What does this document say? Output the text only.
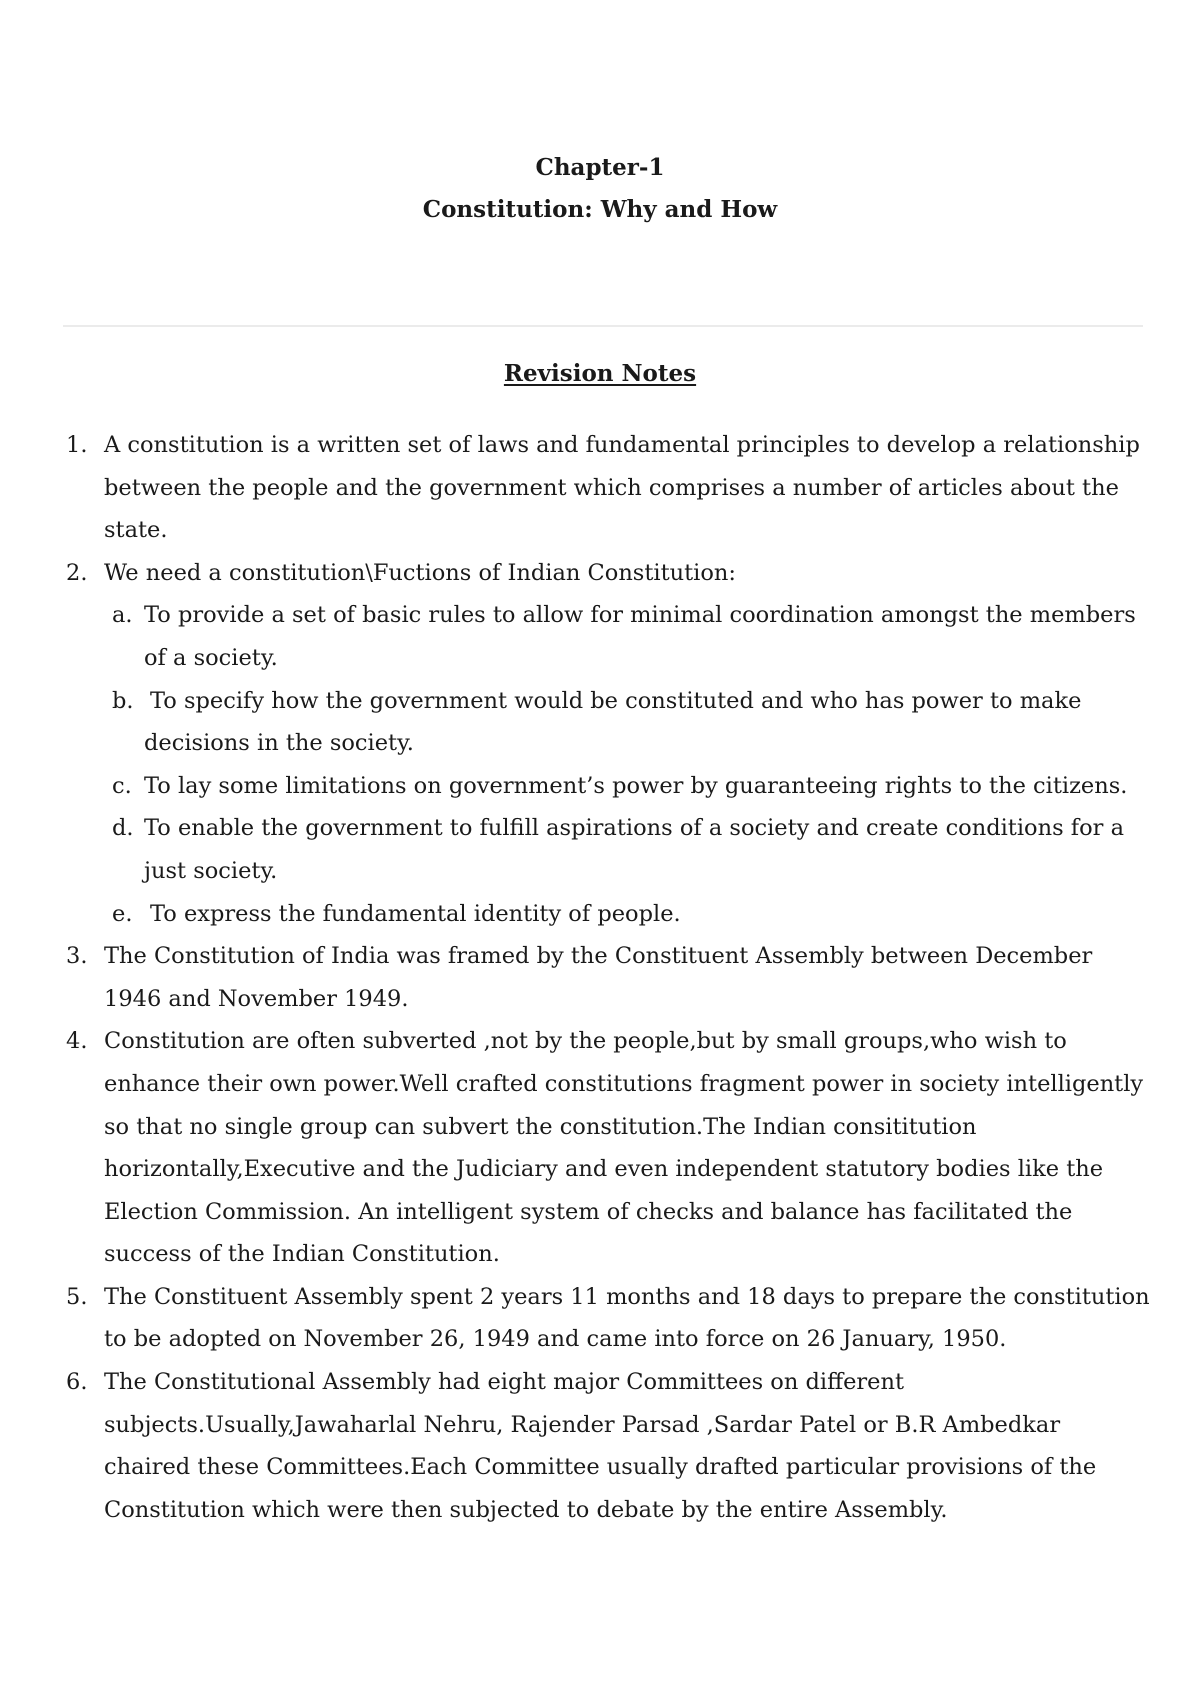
Chapter-1
Constitution: Why and How
Revision Notes
1. A constitution is a written set of laws and fundamental principles to develop a relationship between the people and the government which comprises a number of articles about the state.
2. We need a constitution\Fuctions of Indian Constitution:
a. To provide a set of basic rules to allow for minimal coordination amongst the members of a society.
b. To specify how the government would be constituted and who has power to make decisions in the society.
c. To lay some limitations on government’s power by guaranteeing rights to the citizens.
d. To enable the government to fulfill aspirations of a society and create conditions for a just society.
e. To express the fundamental identity of people.
3. The Constitution of India was framed by the Constituent Assembly between December 1946 and November 1949.
4. Constitution are often subverted ,not by the people,but by small groups,who wish to enhance their own power.Well crafted constitutions fragment power in society intelligently so that no single group can subvert the constitution.The Indian consititution horizontally,Executive and the Judiciary and even independent statutory bodies like the Election Commission. An intelligent system of checks and balance has facilitated the success of the Indian Constitution.
5. The Constituent Assembly spent 2 years 11 months and 18 days to prepare the constitution to be adopted on November 26, 1949 and came into force on 26 January, 1950.
6. The Constitutional Assembly had eight major Committees on different subjects.Usually,Jawaharlal Nehru, Rajender Parsad ,Sardar Patel or B.R Ambedkar chaired these Committees.Each Committee usually drafted particular provisions of the Constitution which were then subjected to debate by the entire Assembly.
